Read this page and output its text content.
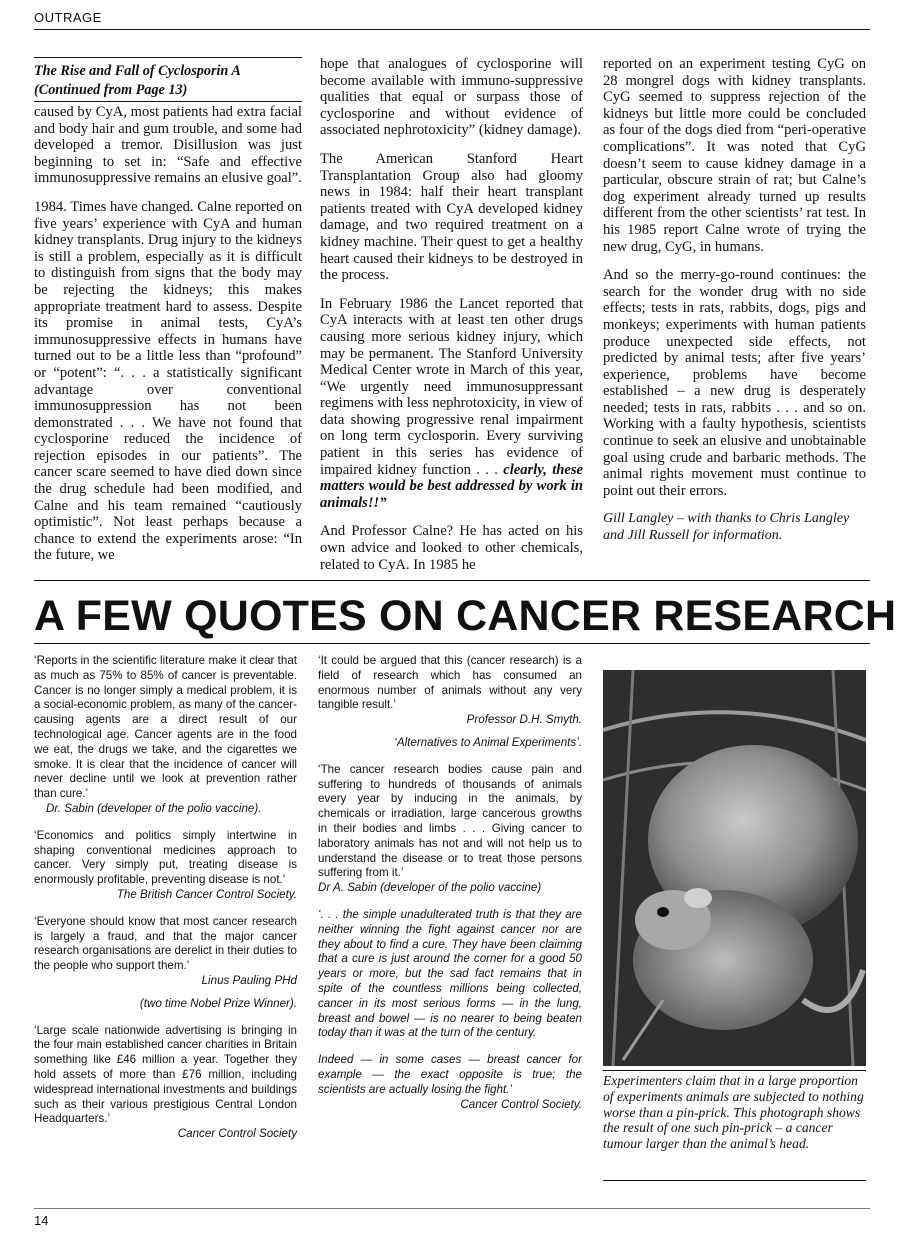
OUTRAGE
The Rise and Fall of Cyclosporin A
(Continued from Page 13)

caused by CyA, most patients had extra facial and body hair and gum trouble, and some had developed a tremor. Disillusion was just beginning to set in: “Safe and effective immunosuppressive remains an elusive goal”.

1984. Times have changed. Calne reported on five years’ experience with CyA and human kidney transplants. Drug injury to the kidneys is still a problem, especially as it is difficult to distinguish from signs that the body may be rejecting the kidneys; this makes appropriate treatment hard to assess. Despite its promise in animal tests, CyA’s immunosuppressive effects in humans have turned out to be a little less than “profound” or “potent”: “. . . a statistically significant advantage over conventional immunosuppression has not been demonstrated . . . We have not found that cyclosporine reduced the incidence of rejection episodes in our patients”. The cancer scare seemed to have died down since the drug schedule had been modified, and Calne and his team remained “cautiously optimistic”. Not least perhaps because a chance to extend the experiments arose: “In the future, we

hope that analogues of cyclosporine will become available with immuno-suppressive qualities that equal or surpass those of cyclosporine and without evidence of associated nephrotoxicity” (kidney damage).

The American Stanford Heart Transplantation Group also had gloomy news in 1984: half their heart transplant patients treated with CyA developed kidney damage, and two required treatment on a kidney machine. Their quest to get a healthy heart caused their kidneys to be destroyed in the process.

In February 1986 the Lancet reported that CyA interacts with at least ten other drugs causing more serious kidney injury, which may be permanent. The Stanford University Medical Center wrote in March of this year, “We urgently need immunosuppressant regimens with less nephrotoxicity, in view of data showing progressive renal impairment on long term cyclosporin. Every surviving patient in this series has evidence of impaired kidney function . . . clearly, these matters would be best addressed by work in animals!!”

And Professor Calne? He has acted on his own advice and looked to other chemicals, related to CyA. In 1985 he

reported on an experiment testing CyG on 28 mongrel dogs with kidney transplants. CyG seemed to suppress rejection of the kidneys but little more could be concluded as four of the dogs died from “peri-operative complications”. It was noted that CyG doesn’t seem to cause kidney damage in a particular, obscure strain of rat; but Calne’s dog experiment already turned up results different from the other scientists’ rat test. In his 1985 report Calne wrote of trying the new drug, CyG, in humans.

And so the merry-go-round continues: the search for the wonder drug with no side effects; tests in rats, rabbits, dogs, pigs and monkeys; experiments with human patients produce unexpected side effects, not predicted by animal tests; after five years’ experience, problems have become established – a new drug is desperately needed; tests in rats, rabbits . . . and so on. Working with a faulty hypothesis, scientists continue to seek an elusive and unobtainable goal using crude and barbaric methods. The animal rights movement must continue to point out their errors.

Gill Langley – with thanks to Chris Langley and Jill Russell for information.

A FEW QUOTES ON CANCER RESEARCH

‘Reports in the scientific literature make it clear that as much as 75% to 85% of cancer is preventable. Cancer is no longer simply a medical problem, it is a social-economic problem, as many of the cancer-causing agents are a direct result of our technological age. Cancer agents are in the food we eat, the drugs we take, and the cigarettes we smoke. It is clear that the incidence of cancer will never decline until we look at prevention rather than cure.’

Dr. Sabin (developer of the polio vaccine).

‘Economics and politics simply intertwine in shaping conventional medicines approach to cancer. Very simply put, treating disease is enormously profitable, preventing disease is not.’

The British Cancer Control Society.

‘Everyone should know that most cancer research is largely a fraud, and that the major cancer research organisations are derelict in their duties to the people who support them.’

Linus Pauling PHd

(two time Nobel Prize Winner).

‘Large scale nationwide advertising is bringing in the four main established cancer charities in Britain something like £46 million a year. Together they hold assets of more than £76 million, including widespread international investments and buildings such as their various prestigious Central London Headquarters.’

Cancer Control Society

‘It could be argued that this (cancer research) is a field of research which has consumed an enormous number of animals without any very tangible result.’

Professor D.H. Smyth.

‘Alternatives to Animal Experiments’.

‘The cancer research bodies cause pain and suffering to hundreds of thousands of animals every year by inducing in the animals, by chemicals or irradiation, large cancerous growths in their bodies and limbs . . . Giving cancer to laboratory animals has not and will not help us to understand the disease or to treat those persons suffering from it.’

Dr A. Sabin (developer of the polio vaccine)

‘. . . the simple unadulterated truth is that they are neither winning the fight against cancer nor are they about to find a cure. They have been claiming that a cure is just around the corner for a good 50 years or more, but the sad fact remains that in spite of the countless millions being collected, cancer in its most serious forms — in the lung, breast and bowel — is no nearer to being beaten today than it was at the turn of the century.

Indeed — in some cases — breast cancer for example — the exact opposite is true; the scientists are actually losing the fight.’

Cancer Control Society.

Experimenters claim that in a large proportion of experiments animals are subjected to nothing worse than a pin-prick. This photograph shows the result of one such pin-prick – a cancer tumour larger than the animal’s head.
14
